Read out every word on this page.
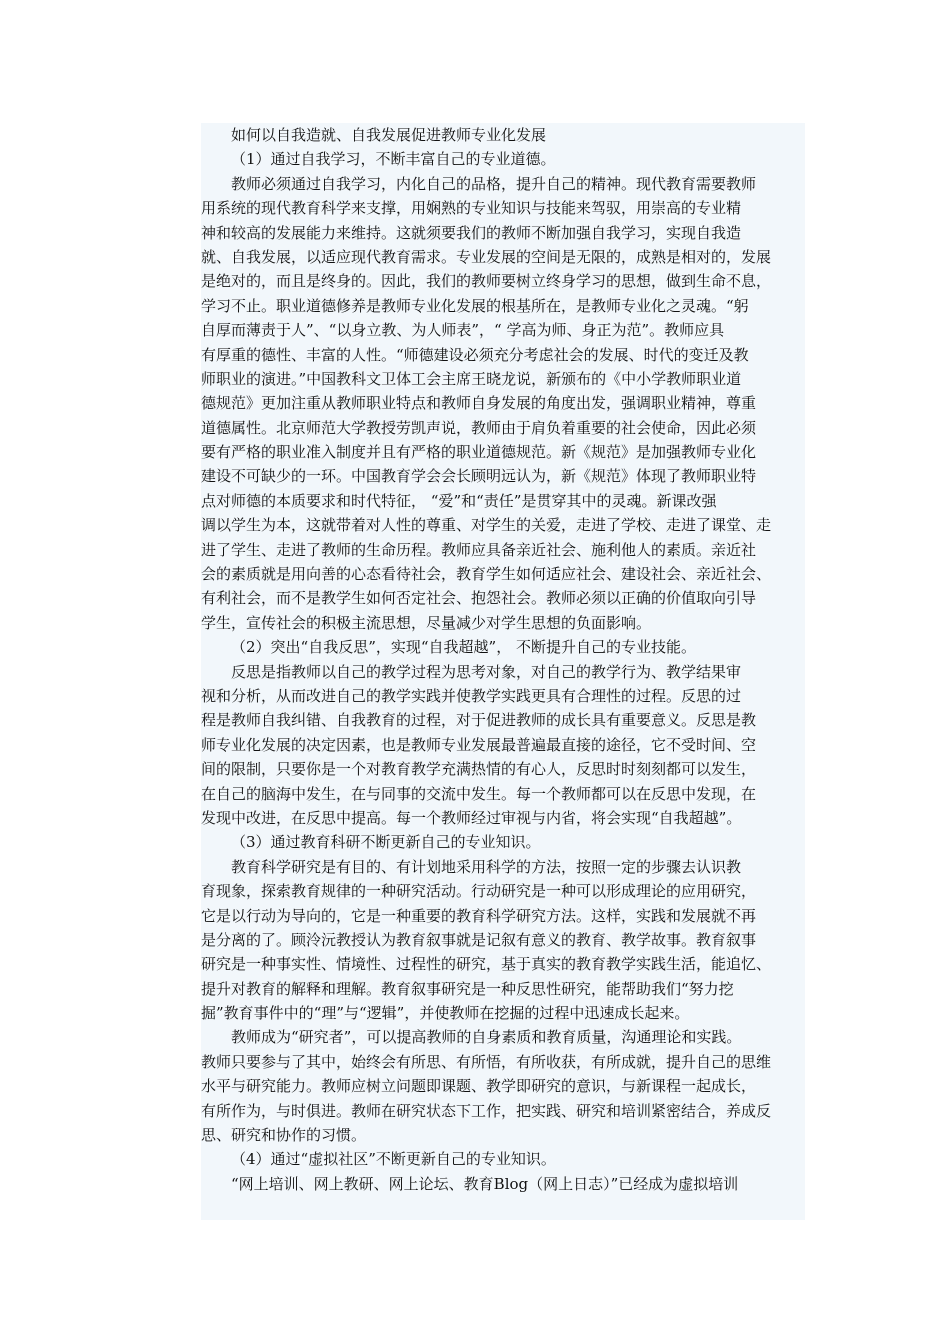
如何以自我造就、自我发展促进教师专业化发展
（1）通过自我学习，不断丰富自己的专业道德。
教师必须通过自我学习，内化自己的品格，提升自己的精神。现代教育需要教师
用系统的现代教育科学来支撑，用娴熟的专业知识与技能来驾驭，用崇高的专业精
神和较高的发展能力来维持。这就须要我们的教师不断加强自我学习，实现自我造
就、自我发展，以适应现代教育需求。专业发展的空间是无限的，成熟是相对的，发展
是绝对的，而且是终身的。因此，我们的教师要树立终身学习的思想，做到生命不息，
学习不止。职业道德修养是教师专业化发展的根基所在，是教师专业化之灵魂。“躬
自厚而薄责于人”、“以身立教、为人师表”，“ 学高为师、身正为范”。教师应具
有厚重的德性、丰富的人性。“师德建设必须充分考虑社会的发展、时代的变迁及教
师职业的演进。”中国教科文卫体工会主席王晓龙说，新颁布的《中小学教师职业道
德规范》更加注重从教师职业特点和教师自身发展的角度出发，强调职业精神，尊重
道德属性。北京师范大学教授劳凯声说，教师由于肩负着重要的社会使命，因此必须
要有严格的职业准入制度并且有严格的职业道德规范。新《规范》是加强教师专业化
建设不可缺少的一环。中国教育学会会长顾明远认为，新《规范》体现了教师职业特
点对师德的本质要求和时代特征， “爱”和“责任”是贯穿其中的灵魂。新课改强
调以学生为本，这就带着对人性的尊重、对学生的关爱，走进了学校、走进了课堂、走
进了学生、走进了教师的生命历程。教师应具备亲近社会、施利他人的素质。亲近社
会的素质就是用向善的心态看待社会，教育学生如何适应社会、建设社会、亲近社会、
有利社会，而不是教学生如何否定社会、抱怨社会。教师必须以正确的价值取向引导
学生，宣传社会的积极主流思想，尽量减少对学生思想的负面影响。
（2）突出“自我反思”，实现“自我超越”， 不断提升自己的专业技能。
反思是指教师以自己的教学过程为思考对象，对自己的教学行为、教学结果审
视和分析，从而改进自己的教学实践并使教学实践更具有合理性的过程。反思的过
程是教师自我纠错、自我教育的过程，对于促进教师的成长具有重要意义。反思是教
师专业化发展的决定因素，也是教师专业发展最普遍最直接的途径，它不受时间、空
间的限制，只要你是一个对教育教学充满热情的有心人，反思时时刻刻都可以发生，
在自己的脑海中发生，在与同事的交流中发生。每一个教师都可以在反思中发现，在
发现中改进，在反思中提高。每一个教师经过审视与内省，将会实现“自我超越”。
（3）通过教育科研不断更新自己的专业知识。
教育科学研究是有目的、有计划地采用科学的方法，按照一定的步骤去认识教
育现象，探索教育规律的一种研究活动。行动研究是一种可以形成理论的应用研究，
它是以行动为导向的，它是一种重要的教育科学研究方法。这样，实践和发展就不再
是分离的了。顾泠沅教授认为教育叙事就是记叙有意义的教育、教学故事。教育叙事
研究是一种事实性、情境性、过程性的研究，基于真实的教育教学实践生活，能追忆、
提升对教育的解释和理解。教育叙事研究是一种反思性研究，能帮助我们“努力挖
掘”教育事件中的“理”与“逻辑”，并使教师在挖掘的过程中迅速成长起来。
教师成为“研究者”，可以提高教师的自身素质和教育质量，沟通理论和实践。
教师只要参与了其中，始终会有所思、有所悟，有所收获，有所成就，提升自己的思维
水平与研究能力。教师应树立问题即课题、教学即研究的意识，与新课程一起成长，
有所作为，与时俱进。教师在研究状态下工作，把实践、研究和培训紧密结合，养成反
思、研究和协作的习惯。
（4）通过“虚拟社区”不断更新自己的专业知识。
“网上培训、网上教研、网上论坛、教育Blog（网上日志）”已经成为虚拟培训
